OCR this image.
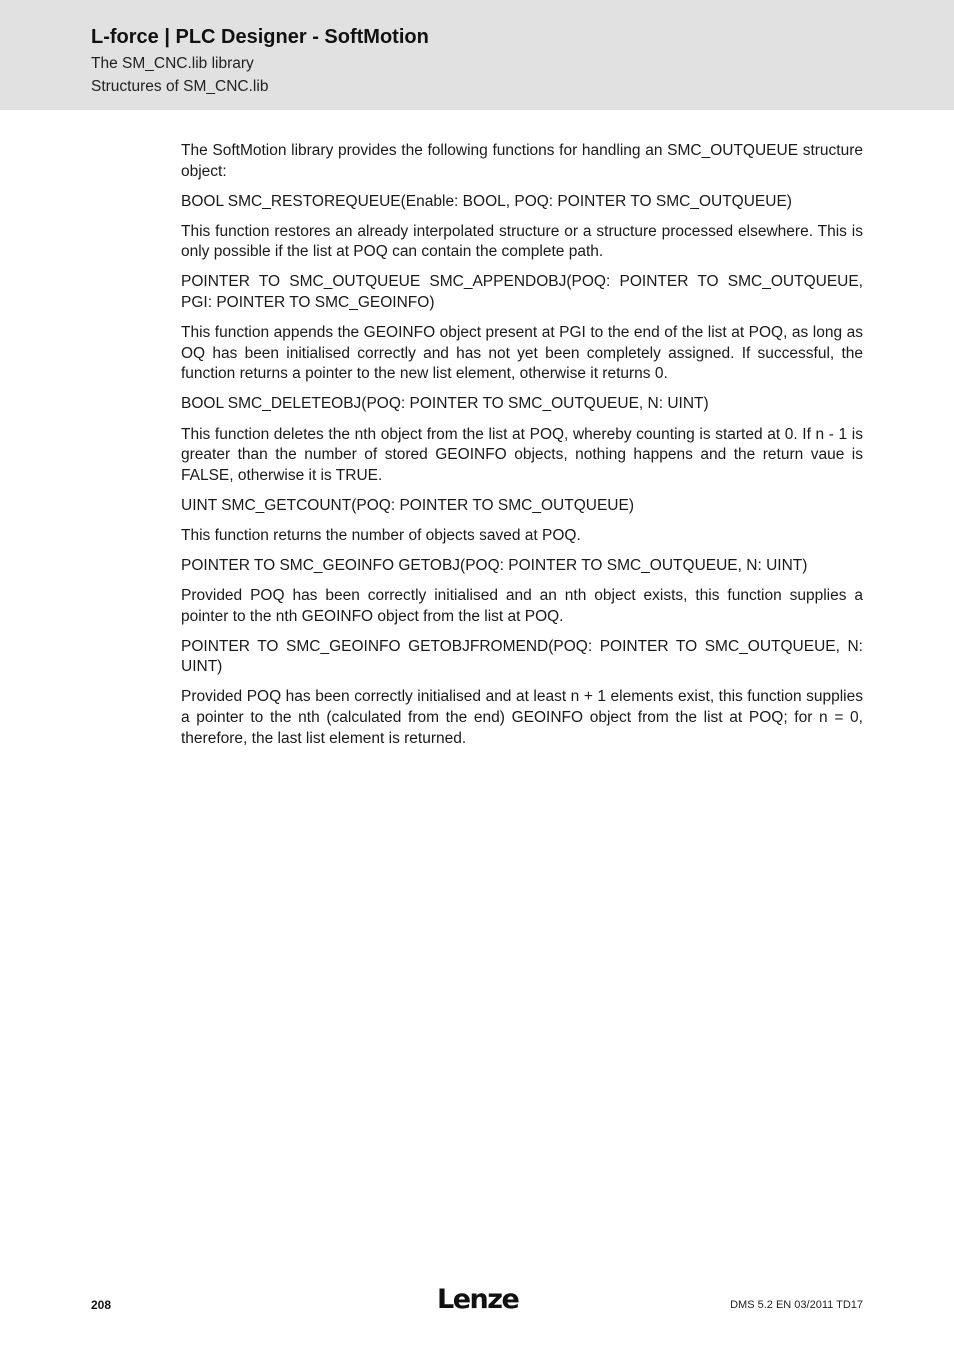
L-force | PLC Designer - SoftMotion
The SM_CNC.lib library
Structures of SM_CNC.lib

The SoftMotion library provides the following functions for handling an SMC_OUTQUEUE structure object:

BOOL SMC_RESTOREQUEUE(Enable: BOOL, POQ: POINTER TO SMC_OUTQUEUE)

This function restores an already interpolated structure or a structure processed elsewhere. This is only possible if the list at POQ can contain the complete path.

POINTER TO SMC_OUTQUEUE SMC_APPENDOBJ(POQ: POINTER TO SMC_OUTQUEUE, PGI: POINTER TO SMC_GEOINFO)

This function appends the GEOINFO object present at PGI to the end of the list at POQ, as long as OQ has been initialised correctly and has not yet been completely assigned. If successful, the function returns a pointer to the new list element, otherwise it returns 0.

BOOL SMC_DELETEOBJ(POQ: POINTER TO SMC_OUTQUEUE, N: UINT)

This function deletes the nth object from the list at POQ, whereby counting is started at 0. If n - 1 is greater than the number of stored GEOINFO objects, nothing happens and the return vaue is FALSE, otherwise it is TRUE.

UINT SMC_GETCOUNT(POQ: POINTER TO SMC_OUTQUEUE)

This function returns the number of objects saved at POQ.

POINTER TO SMC_GEOINFO GETOBJ(POQ: POINTER TO SMC_OUTQUEUE, N: UINT)

Provided POQ has been correctly initialised and an nth object exists, this function supplies a pointer to the nth GEOINFO object from the list at POQ.

POINTER TO SMC_GEOINFO GETOBJFROMEND(POQ: POINTER TO SMC_OUTQUEUE, N: UINT)

Provided POQ has been correctly initialised and at least n + 1 elements exist, this function supplies a pointer to the nth (calculated from the end) GEOINFO object from the list at POQ; for n = 0, therefore, the last list element is returned.

208	Lenze	DMS 5.2 EN 03/2011 TD17
